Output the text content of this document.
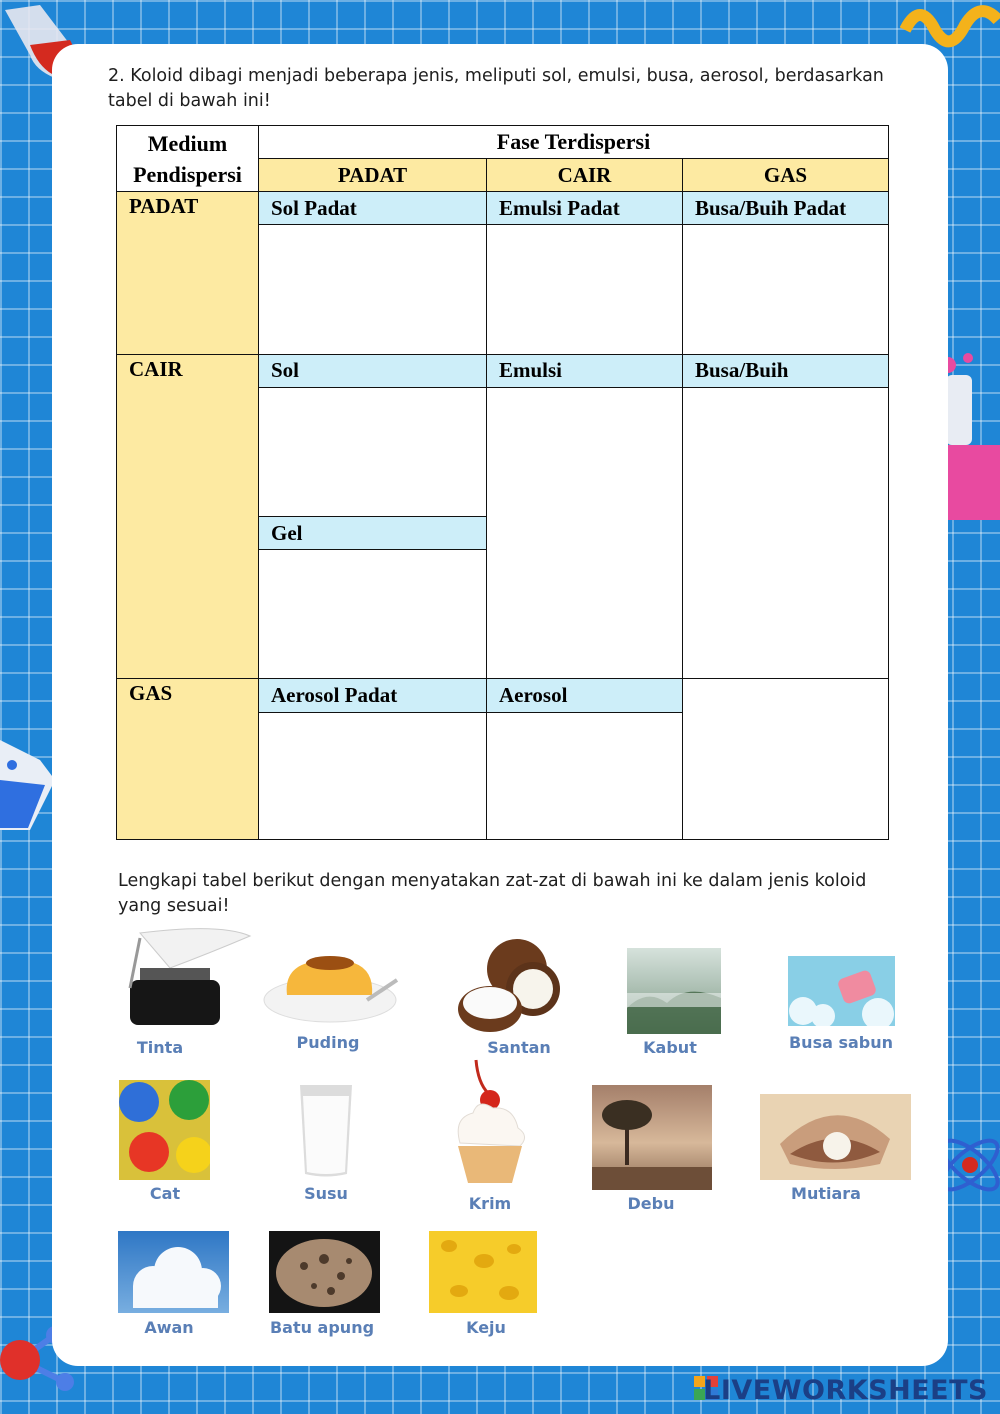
2. Koloid dibagi menjadi beberapa jenis, meliputi sol, emulsi, busa, aerosol, berdasarkan tabel di bawah ini!
Medium Pendispersi	Fase Terdispersi		
	PADAT	CAIR	GAS
PADAT	Sol Padat	Emulsi Padat	Busa/Buih Padat

CAIR	Sol	Emulsi	Busa/Buih

	Gel		

GAS	Aerosol Padat	Aerosol	

Lengkapi tabel berikut dengan menyatakan zat-zat di bawah ini ke dalam jenis koloid yang sesuai!
Tinta	Puding	Santan	Kabut	Busa sabun
Cat	Susu
Krim	Debu
Mutiara
Awan	Batu apung	Keju
LIVEWORKSHEETS
